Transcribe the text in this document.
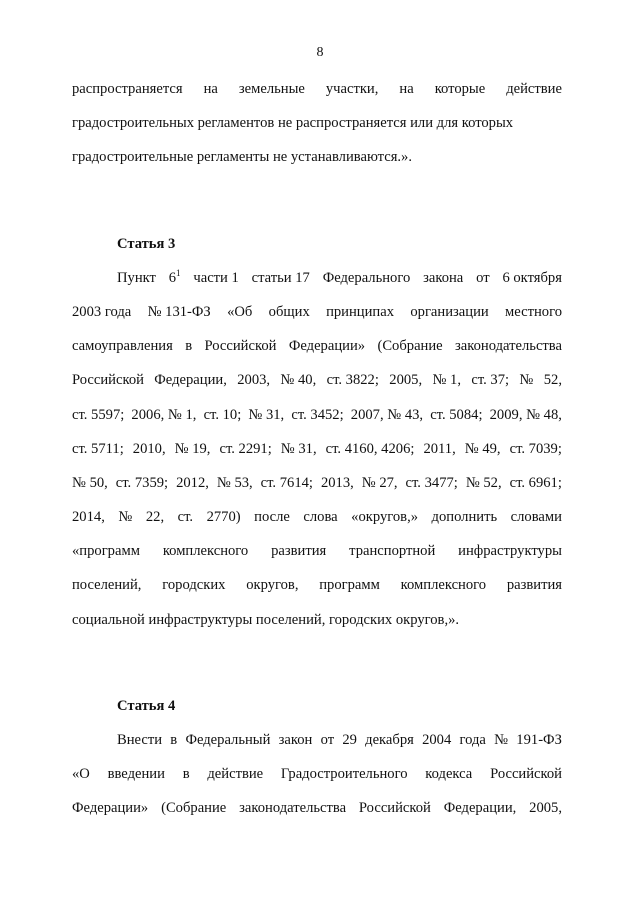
8
распространяется на земельные участки, на которые действие
градостроительных регламентов не распространяется или для которых
градостроительные регламенты не устанавливаются.».
Статья 3
Пункт $6^1$ части 1 статьи 17 Федерального закона от 6 октября
2003 года № 131-ФЗ «Об общих принципах организации местного
самоуправления в Российской Федерации» (Собрание законодательства
Российской Федерации, 2003, № 40, ст. 3822; 2005, № 1, ст. 37; № 52,
ст. 5597; 2006, № 1, ст. 10; № 31, ст. 3452; 2007, № 43, ст. 5084; 2009, № 48,
ст. 5711; 2010, № 19, ст. 2291; № 31, ст. 4160, 4206; 2011, № 49, ст. 7039;
№ 50, ст. 7359; 2012, № 53, ст. 7614; 2013, № 27, ст. 3477; № 52, ст. 6961;
2014, № 22, ст. 2770) после слова «округов,» дополнить словами
«программ комплексного развития транспортной инфраструктуры
поселений, городских округов, программ комплексного развития
социальной инфраструктуры поселений, городских округов,».
Статья 4
Внести в Федеральный закон от 29 декабря 2004 года № 191-ФЗ
«О введении в действие Градостроительного кодекса Российской
Федерации» (Собрание законодательства Российской Федерации, 2005,
